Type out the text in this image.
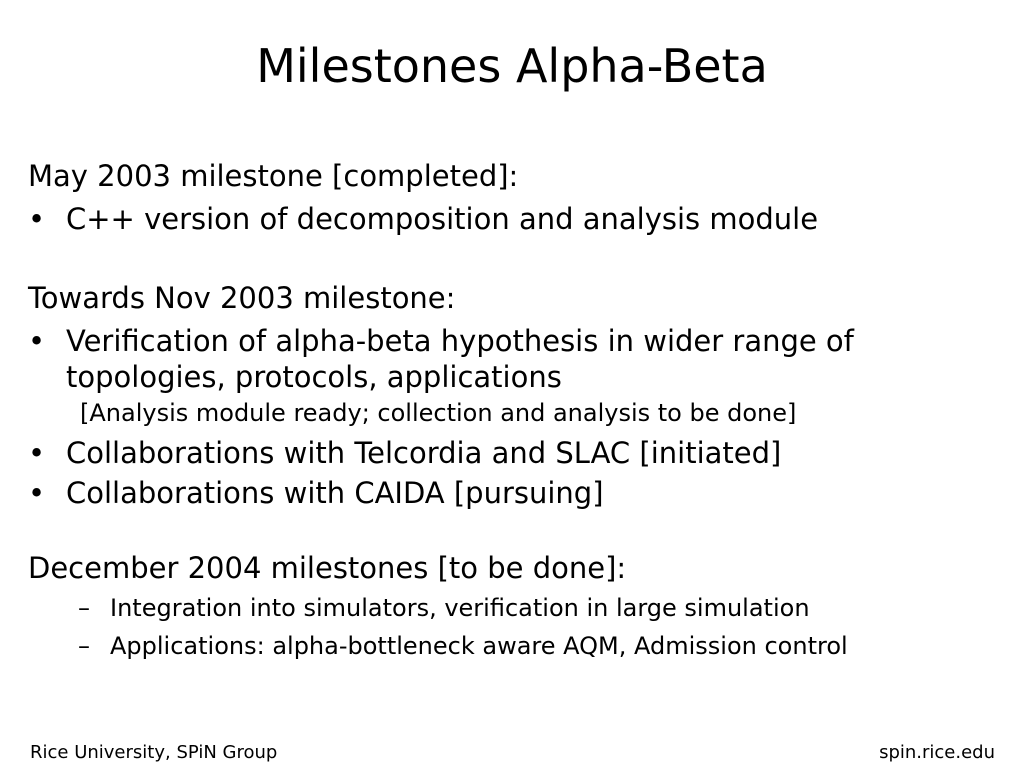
Milestones Alpha-Beta
May 2003 milestone [completed]:
• C++ version of decomposition and analysis module
Towards Nov 2003 milestone:
• Verification of alpha-beta hypothesis in wider range of topologies, protocols, applications
[Analysis module ready; collection and analysis to be done]
• Collaborations with Telcordia and SLAC [initiated]
• Collaborations with CAIDA [pursuing]
December 2004 milestones [to be done]:
– Integration into simulators, verification in large simulation
– Applications: alpha-bottleneck aware AQM, Admission control
Rice University, SPiN Group	spin.rice.edu
